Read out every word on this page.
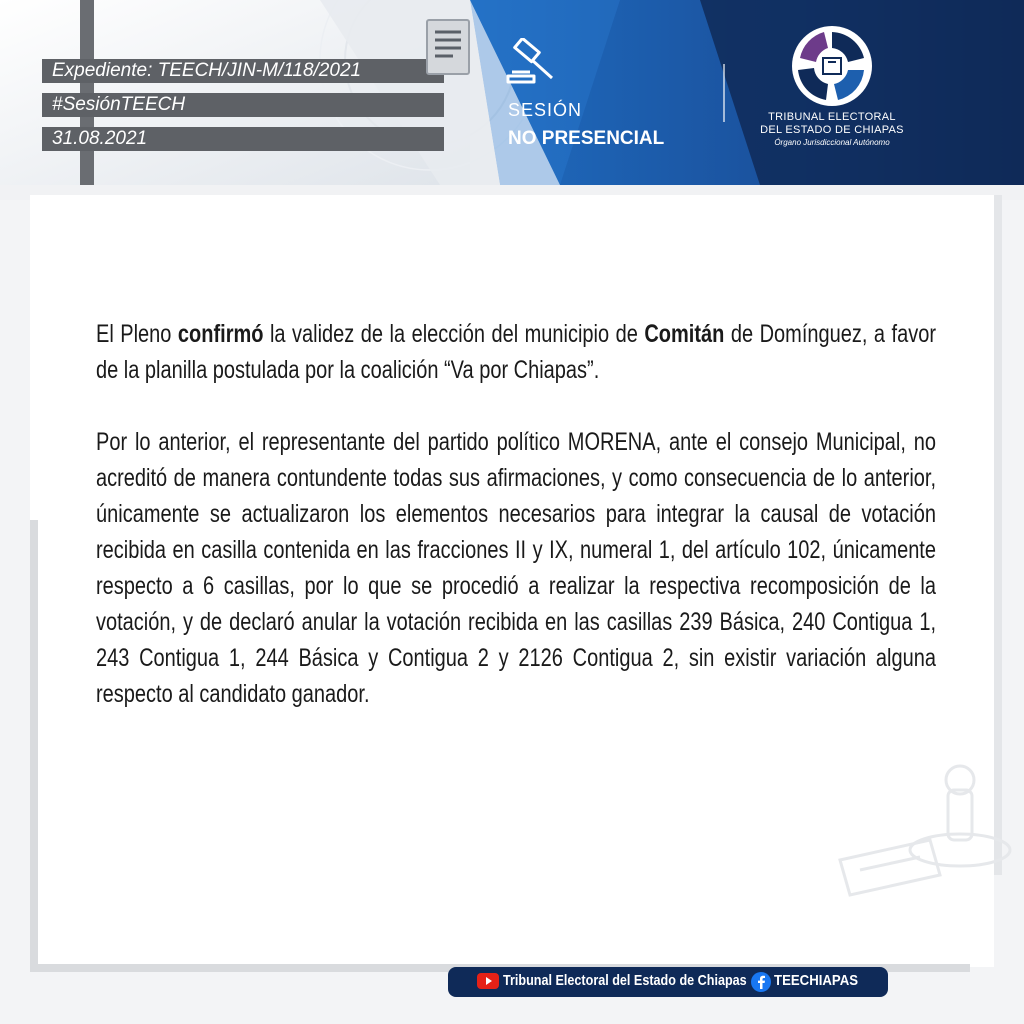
Expediente: TEECH/JIN-M/118/2021
#SesiónTEECH
31.08.2021
SESIÓN
NO PRESENCIAL
TRIBUNAL ELECTORAL
DEL ESTADO DE CHIAPAS
Órgano Jurisdiccional Autónomo

El Pleno confirmó la validez de la elección del municipio de Comitán de Domínguez, a favor de la planilla postulada por la coalición “Va por Chiapas”.

Por lo anterior, el representante del partido político MORENA, ante el consejo Municipal, no acreditó de manera contundente todas sus afirmaciones, y como consecuencia de lo anterior, únicamente se actualizaron los elementos necesarios para integrar la causal de votación recibida en casilla contenida en las fracciones II y IX, numeral 1, del artículo 102, únicamente respecto a 6 casillas, por lo que se procedió a realizar la respectiva recomposición de la votación, y de declaró anular la votación recibida en las casillas 239 Básica, 240 Contigua 1, 243 Contigua 1, 244 Básica y Contigua 2 y 2126 Contigua 2, sin existir variación alguna respecto al candidato ganador.

Tribunal Electoral del Estado de Chiapas TEECHIAPAS
